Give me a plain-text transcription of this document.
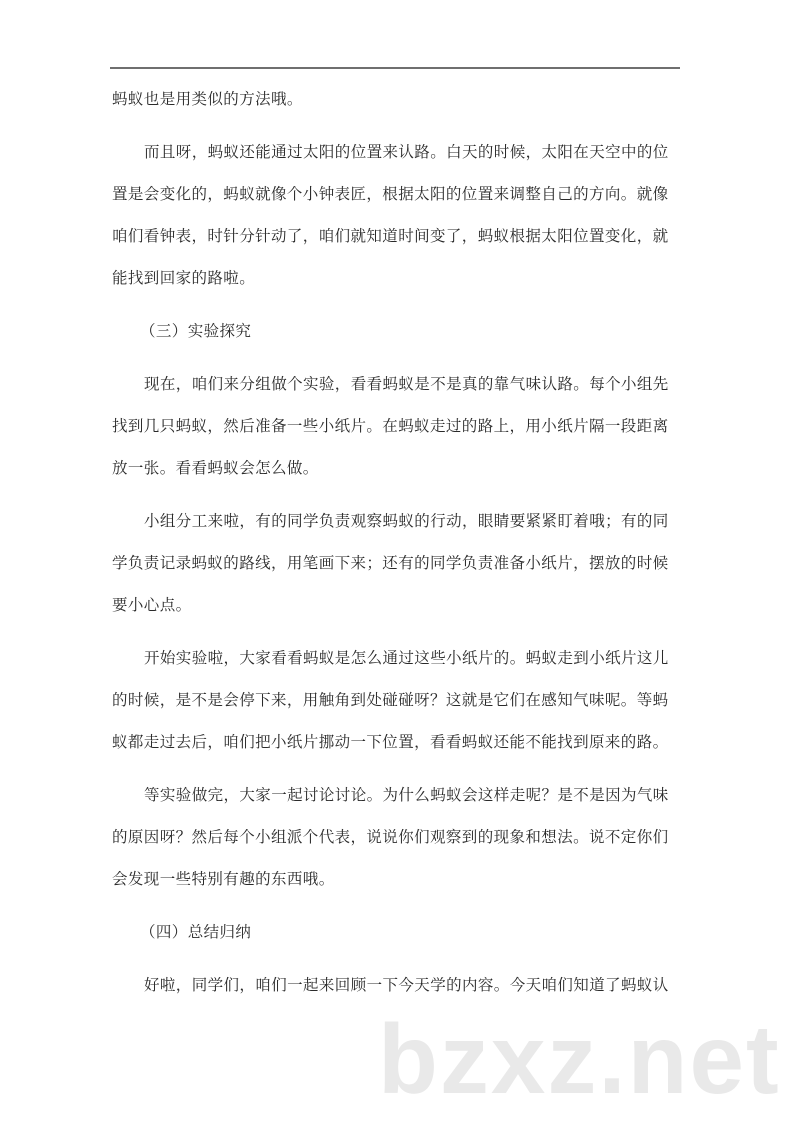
蚂蚁也是用类似的方法哦。
而且呀，蚂蚁还能通过太阳的位置来认路。白天的时候，太阳在天空中的位
置是会变化的，蚂蚁就像个小钟表匠，根据太阳的位置来调整自己的方向。就像
咱们看钟表，时针分针动了，咱们就知道时间变了，蚂蚁根据太阳位置变化，就
能找到回家的路啦。
（三）实验探究
现在，咱们来分组做个实验，看看蚂蚁是不是真的靠气味认路。每个小组先
找到几只蚂蚁，然后准备一些小纸片。在蚂蚁走过的路上，用小纸片隔一段距离
放一张。看看蚂蚁会怎么做。
小组分工来啦，有的同学负责观察蚂蚁的行动，眼睛要紧紧盯着哦；有的同
学负责记录蚂蚁的路线，用笔画下来；还有的同学负责准备小纸片，摆放的时候
要小心点。
开始实验啦，大家看看蚂蚁是怎么通过这些小纸片的。蚂蚁走到小纸片这儿
的时候，是不是会停下来，用触角到处碰碰呀？这就是它们在感知气味呢。等蚂
蚁都走过去后，咱们把小纸片挪动一下位置，看看蚂蚁还能不能找到原来的路。
等实验做完，大家一起讨论讨论。为什么蚂蚁会这样走呢？是不是因为气味
的原因呀？然后每个小组派个代表，说说你们观察到的现象和想法。说不定你们
会发现一些特别有趣的东西哦。
（四）总结归纳
好啦，同学们，咱们一起来回顾一下今天学的内容。今天咱们知道了蚂蚁认
bzxz.net
